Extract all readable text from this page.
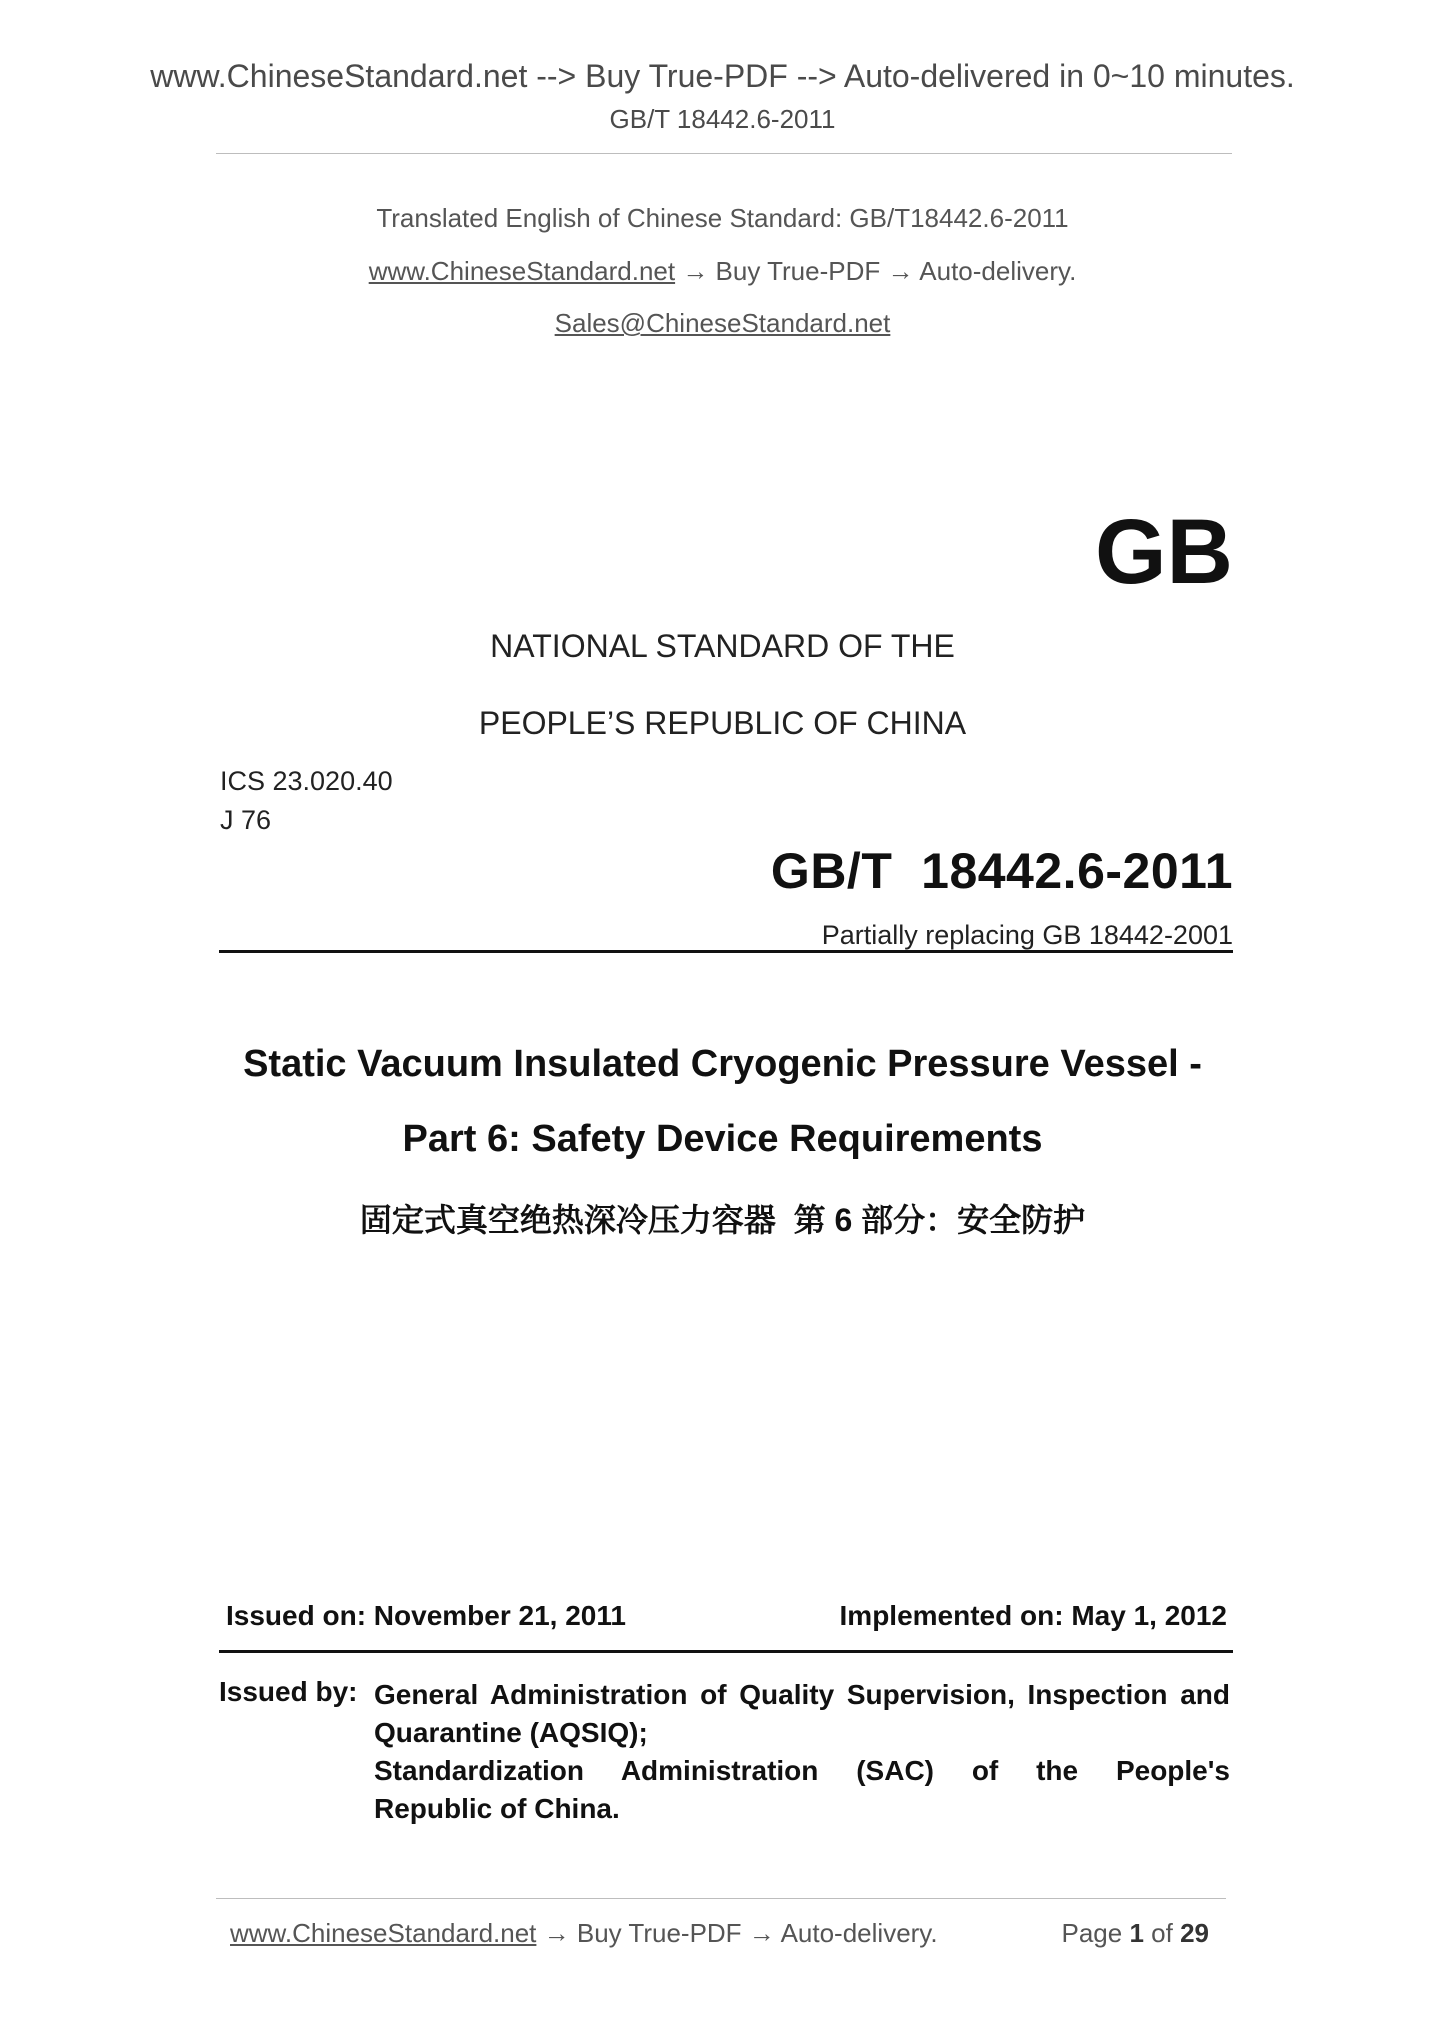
www.ChineseStandard.net --> Buy True-PDF --> Auto-delivered in 0~10 minutes.
GB/T 18442.6-2011
Translated English of Chinese Standard: GB/T18442.6-2011
www.ChineseStandard.net → Buy True-PDF → Auto-delivery.
Sales@ChineseStandard.net
GB
NATIONAL STANDARD OF THE
PEOPLE’S REPUBLIC OF CHINA
ICS 23.020.40
J 76
GB/T  18442.6-2011
Partially replacing GB 18442-2001
Static Vacuum Insulated Cryogenic Pressure Vessel -
Part 6: Safety Device Requirements
固定式真空绝热深冷压力容器  第 6 部分：安全防护
Issued on: November 21, 2011	Implemented on: May 1, 2012
Issued by: General Administration of Quality Supervision, Inspection and
Quarantine (AQSIQ);
Standardization Administration (SAC) of the People's
Republic of China.
www.ChineseStandard.net → Buy True-PDF → Auto-delivery.	Page 1 of 29
